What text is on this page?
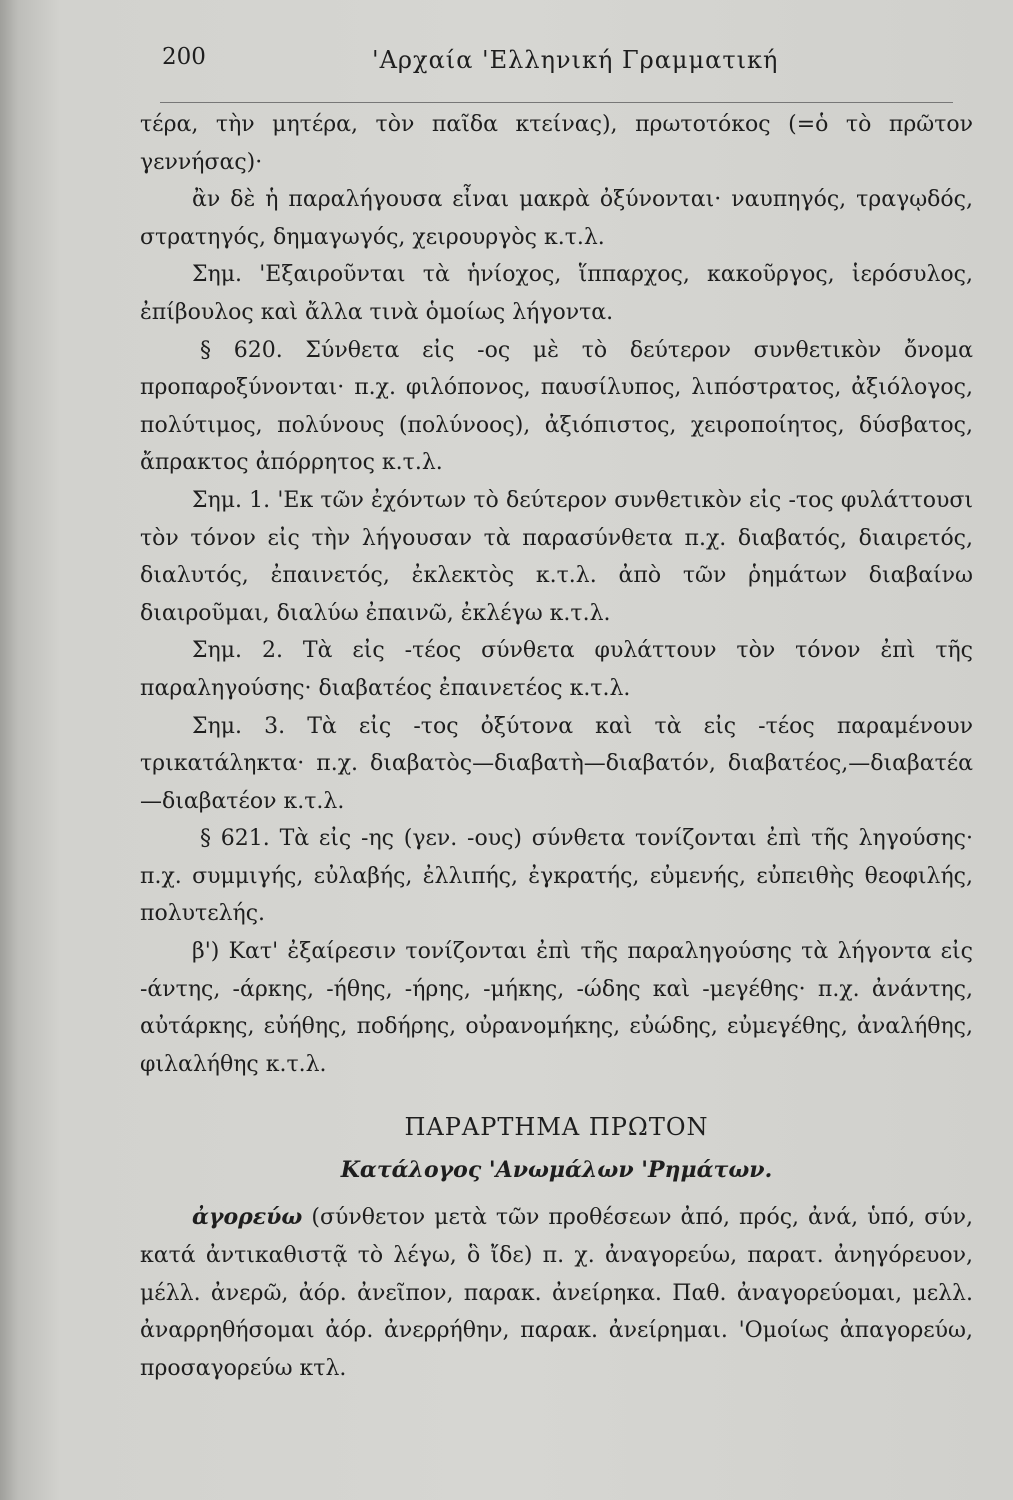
200	'Αρχαία 'Ελληνική Γραμματική

τέρα, τὴν μητέρα, τὸν παῖδα κτείνας), πρωτοτόκος (=ὁ τὸ πρῶτον γεννήσας)·

ἂν δὲ ἡ παραλήγουσα εἶναι μακρὰ ὀξύνονται· ναυπηγός, τραγῳδός, στρατηγός, δημαγωγός, χειρουργὸς κ.τ.λ.

Σημ. 'Εξαιροῦνται τὰ ἡνίοχος, ἵππαρχος, κακοῦργος, ἱερόσυλος, ἐπίβουλος καὶ ἄλλα τινὰ ὁμοίως λήγοντα.

§ 620. Σύνθετα εἰς -ος μὲ τὸ δεύτερον συνθετικὸν ὄνομα προπαροξύνονται· π.χ. φιλόπονος, παυσίλυπος, λιπόστρατος, ἀξιόλογος, πολύτιμος, πολύνους (πολύνοος), ἀξιόπιστος, χειροποίητος, δύσβατος, ἄπρακτος ἀπόρρητος κ.τ.λ.

Σημ. 1. 'Εκ τῶν ἐχόντων τὸ δεύτερον συνθετικὸν εἰς -τος φυλάττουσι τὸν τόνον εἰς τὴν λήγουσαν τὰ παρασύνθετα π.χ. διαβατός, διαιρετός, διαλυτός, ἐπαινετός, ἐκλεκτὸς κ.τ.λ. ἀπὸ τῶν ῥημάτων διαβαίνω διαιροῦμαι, διαλύω ἐπαινῶ, ἐκλέγω κ.τ.λ.

Σημ. 2. Τὰ εἰς -τέος σύνθετα φυλάττουν τὸν τόνον ἐπὶ τῆς παραληγούσης· διαβατέος ἐπαινετέος κ.τ.λ.

Σημ. 3. Τὰ εἰς -τος ὀξύτονα καὶ τὰ εἰς -τέος παραμένουν τρικατάληκτα· π.χ. διαβατὸς—διαβατὴ—διαβατόν, διαβατέος,—διαβατέα—διαβατέον κ.τ.λ.

§ 621. Τὰ εἰς -ης (γεν. -ους) σύνθετα τονίζονται ἐπὶ τῆς ληγούσης· π.χ. συμμιγής, εὐλαβής, ἐλλιπής, ἐγκρατής, εὐμενής, εὐπειθὴς θεοφιλής, πολυτελής.

β') Κατ' ἐξαίρεσιν τονίζονται ἐπὶ τῆς παραληγούσης τὰ λήγοντα εἰς -άντης, -άρκης, -ήθης, -ήρης, -μήκης, -ώδης καὶ -μεγέθης· π.χ. ἀνάντης, αὐτάρκης, εὐήθης, ποδήρης, οὐρανομήκης, εὐώδης, εὐμεγέθης, ἀναλήθης, φιλαλήθης κ.τ.λ.

ΠΑΡΑΡΤΗΜΑ ΠΡΩΤΟΝ
Κατάλογος 'Ανωμάλων 'Ρημάτων.

ἀγορεύω (σύνθετον μετὰ τῶν προθέσεων ἀπό, πρός, ἀνά, ὑπό, σύν, κατά ἀντικαθιστᾷ τὸ λέγω, ὃ ἴδε) π. χ. ἀναγορεύω, παρατ. ἀνηγόρευον, μέλλ. ἀνερῶ, ἀόρ. ἀνεῖπον, παρακ. ἀνείρηκα. Παθ. ἀναγορεύομαι, μελλ. ἀναρρηθήσομαι ἀόρ. ἀνερρήθην, παρακ. ἀνείρημαι. 'Ομοίως ἀπαγορεύω, προσαγορεύω κτλ.
